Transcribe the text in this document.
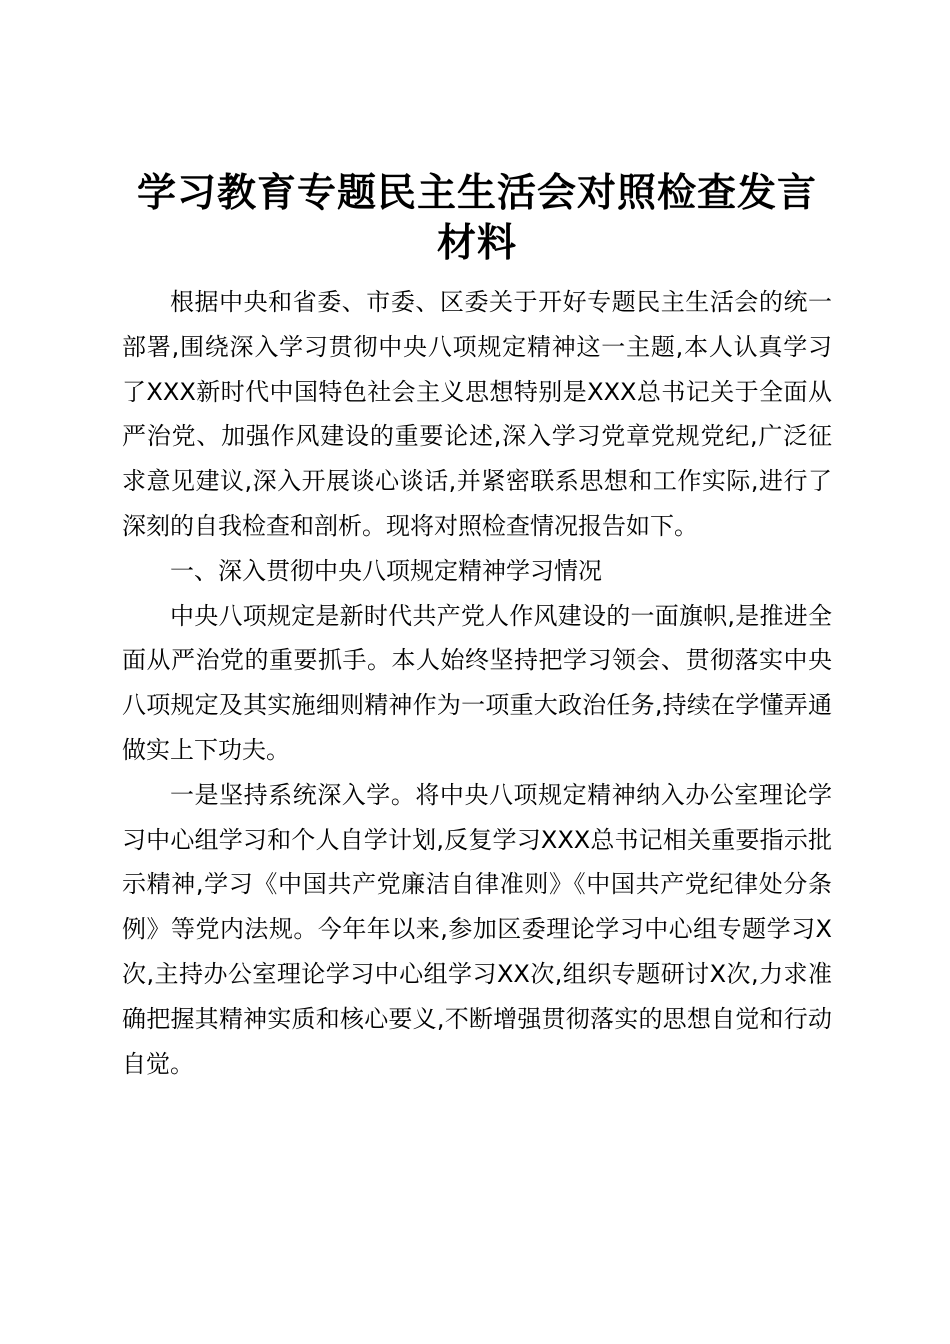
学习教育专题民主生活会对照检查发言材料

根据中央和省委、市委、区委关于开好专题民主生活会的统一部署,围绕深入学习贯彻中央八项规定精神这一主题,本人认真学习了XXX新时代中国特色社会主义思想特别是XXX总书记关于全面从严治党、加强作风建设的重要论述,深入学习党章党规党纪,广泛征求意见建议,深入开展谈心谈话,并紧密联系思想和工作实际,进行了深刻的自我检查和剖析。现将对照检查情况报告如下。

一、深入贯彻中央八项规定精神学习情况

中央八项规定是新时代共产党人作风建设的一面旗帜,是推进全面从严治党的重要抓手。本人始终坚持把学习领会、贯彻落实中央八项规定及其实施细则精神作为一项重大政治任务,持续在学懂弄通做实上下功夫。

一是坚持系统深入学。将中央八项规定精神纳入办公室理论学习中心组学习和个人自学计划,反复学习XXX总书记相关重要指示批示精神,学习《中国共产党廉洁自律准则》《中国共产党纪律处分条例》等党内法规。今年年以来,参加区委理论学习中心组专题学习X次,主持办公室理论学习中心组学习XX次,组织专题研讨X次,力求准确把握其精神实质和核心要义,不断增强贯彻落实的思想自觉和行动自觉。
